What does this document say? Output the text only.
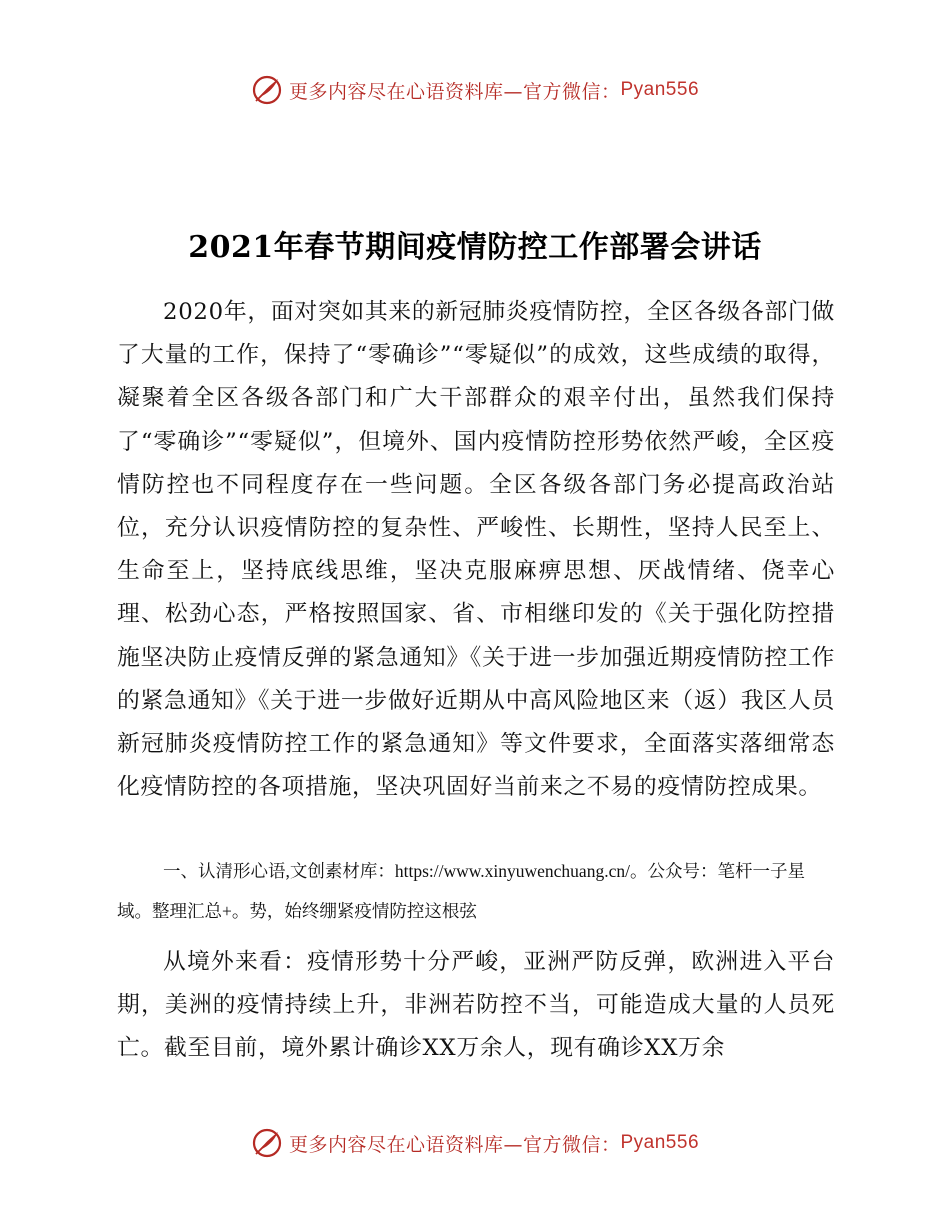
更多内容尽在心语资料库—官方微信： Pyan556
2021年春节期间疫情防控工作部署会讲话

2020年，面对突如其来的新冠肺炎疫情防控，全区各级各部门做了大量的工作，保持了“零确诊”“零疑似”的成效，这些成绩的取得，凝聚着全区各级各部门和广大干部群众的艰辛付出，虽然我们保持了“零确诊”“零疑似”，但境外、国内疫情防控形势依然严峻，全区疫情防控也不同程度存在一些问题。全区各级各部门务必提高政治站位，充分认识疫情防控的复杂性、严峻性、长期性，坚持人民至上、生命至上，坚持底线思维，坚决克服麻痹思想、厌战情绪、侥幸心理、松劲心态，严格按照国家、省、市相继印发的《关于强化防控措施坚决防止疫情反弹的紧急通知》《关于进一步加强近期疫情防控工作的紧急通知》《关于进一步做好近期从中高风险地区来（返）我区人员新冠肺炎疫情防控工作的紧急通知》等文件要求，全面落实落细常态化疫情防控的各项措施，坚决巩固好当前来之不易的疫情防控成果。

一、认清形心语,文创素材库：https://www.xinyuwenchuang.cn/。公众号：笔杆一子星域。整理汇总+。势，始终绷紧疫情防控这根弦

从境外来看：疫情形势十分严峻，亚洲严防反弹，欧洲进入平台期，美洲的疫情持续上升，非洲若防控不当，可能造成大量的人员死亡。截至目前，境外累计确诊XX万余人，现有确诊XX万余

更多内容尽在心语资料库—官方微信： Pyan556
